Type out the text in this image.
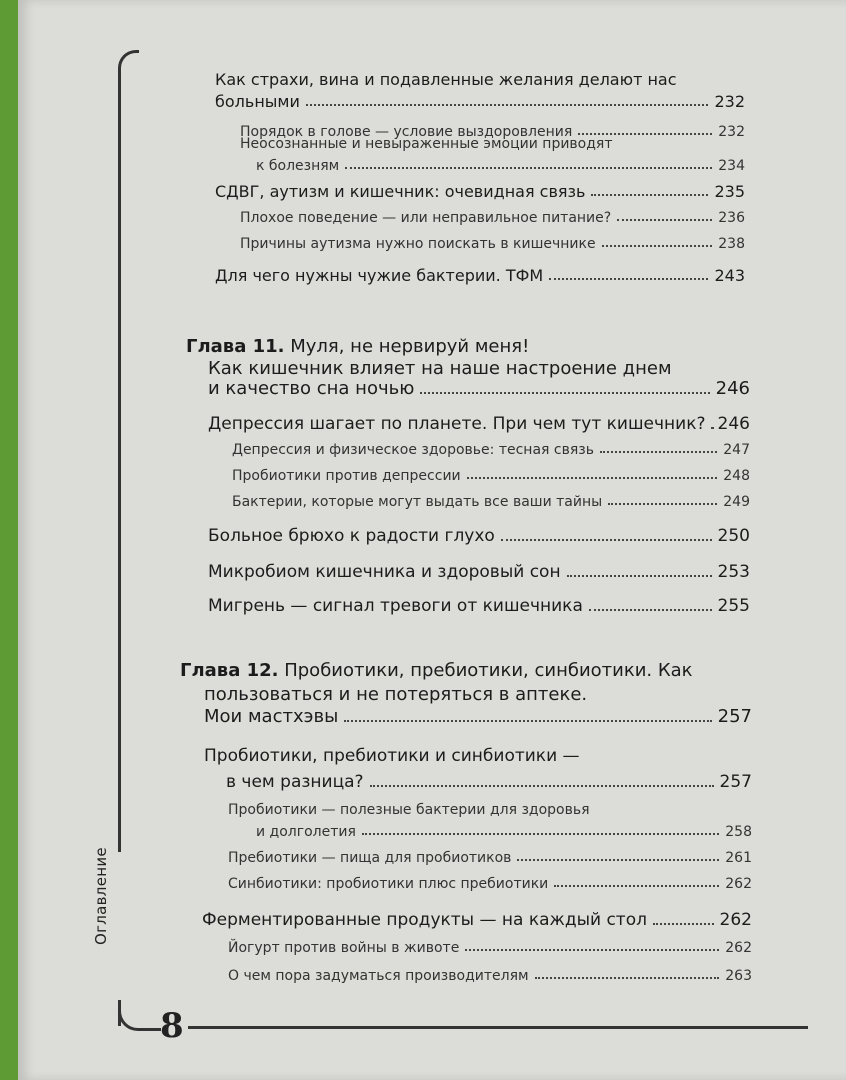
Оглавление
8
Как страхи, вина и подавленные желания делают нас
больными	232
Порядок в голове — условие выздоровления	232
Неосознанные и невыраженные эмоции приводят
к болезням	234
СДВГ, аутизм и кишечник: очевидная связь	235
Плохое поведение — или неправильное питание?	236
Причины аутизма нужно поискать в кишечнике	238
Для чего нужны чужие бактерии. ТФМ	243
Глава 11. Муля, не нервируй меня!
Как кишечник влияет на наше настроение днем
и качество сна ночью	246
Депрессия шагает по планете. При чем тут кишечник? 246
Депрессия и физическое здоровье: тесная связь	247
Пробиотики против депрессии	248
Бактерии, которые могут выдать все ваши тайны	249
Больное брюхо к радости глухо	250
Микробиом кишечника и здоровый сон	253
Мигрень — сигнал тревоги от кишечника	255
Глава 12. Пробиотики, пребиотики, синбиотики. Как
пользоваться и не потеряться в аптеке.
Мои мастхэвы	257
Пробиотики, пребиотики и синбиотики —
в чем разница?	257
Пробиотики — полезные бактерии для здоровья
и долголетия	258
Пребиотики — пища для пробиотиков	261
Синбиотики: пробиотики плюс пребиотики	262
Ферментированные продукты — на каждый стол	262
Йогурт против войны в животе	262
О чем пора задуматься производителям	263
